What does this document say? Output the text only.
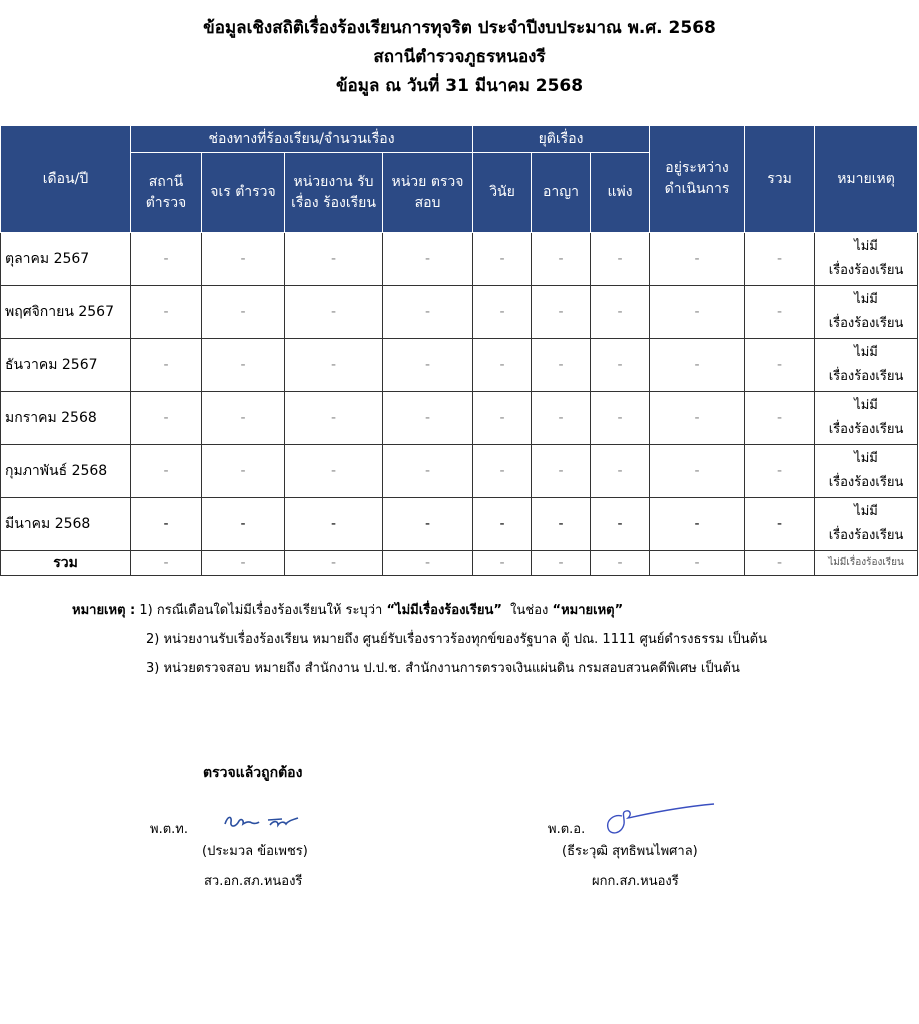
ข้อมูลเชิงสถิติเรื่องร้องเรียนการทุจริต ประจำปีงบประมาณ พ.ศ. 2568
สถานีตำรวจภูธรหนองรี
ข้อมูล ณ วันที่ 31 มีนาคม 2568
เดือน/ปี	ช่องทางที่ร้องเรียน/จำนวนเรื่อง				ยุติเรื่อง			อยู่ระหว่าง ดำเนินการ	รวม	หมายเหตุ
	สถานี ตำรวจ	จเร ตำรวจ	หน่วยงาน รับเรื่อง ร้องเรียน	หน่วย ตรวจสอบ	วินัย	อาญา	แพ่ง			
ตุลาคม 2567	-	-	-	-	-	-	-	-	-	ไม่มี
เรื่องร้องเรียน

พฤศจิกายน 2567	-	-	-	-	-	-	-	-	-	ไม่มี
เรื่องร้องเรียน

ธันวาคม 2567	-	-	-	-	-	-	-	-	-	ไม่มี
เรื่องร้องเรียน

มกราคม 2568	-	-	-	-	-	-	-	-	-	ไม่มี
เรื่องร้องเรียน

กุมภาพันธ์ 2568	-	-	-	-	-	-	-	-	-	ไม่มี
เรื่องร้องเรียน

มีนาคม 2568	-	-	-	-	-	-	-	-	-	ไม่มี
เรื่องร้องเรียน

รวม	-	-	-	-	-	-	-	-	-	ไม่มีเรื่องร้องเรียน
หมายเหตุ : 1) กรณีเดือนใดไม่มีเรื่องร้องเรียนให้ ระบุว่า “ไม่มีเรื่องร้องเรียน”  ในช่อง “หมายเหตุ”
2) หน่วยงานรับเรื่องร้องเรียน หมายถึง ศูนย์รับเรื่องราวร้องทุกข์ของรัฐบาล ตู้ ปณ. 1111 ศูนย์ดำรงธรรม เป็นต้น
3) หน่วยตรวจสอบ หมายถึง สำนักงาน ป.ป.ช. สำนักงานการตรวจเงินแผ่นดิน กรมสอบสวนคดีพิเศษ เป็นต้น
ตรวจแล้วถูกต้อง
พ.ต.ท.
(ประมวล ข้อเพชร)
สว.อก.สภ.หนองรี
พ.ต.อ.
(ธีระวุฒิ สุทธิพนไพศาล)
ผกก.สภ.หนองรี
